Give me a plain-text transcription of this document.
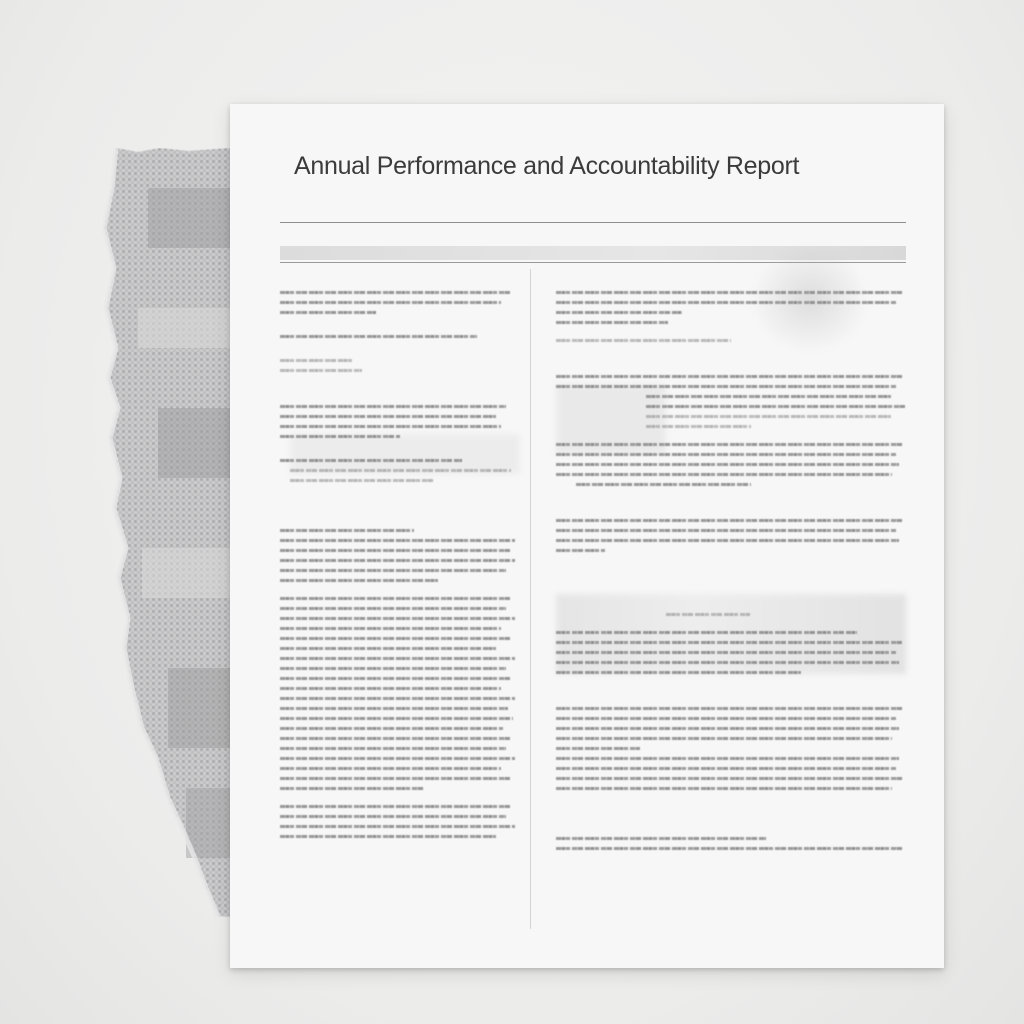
Annual Performance and Accountability Report
